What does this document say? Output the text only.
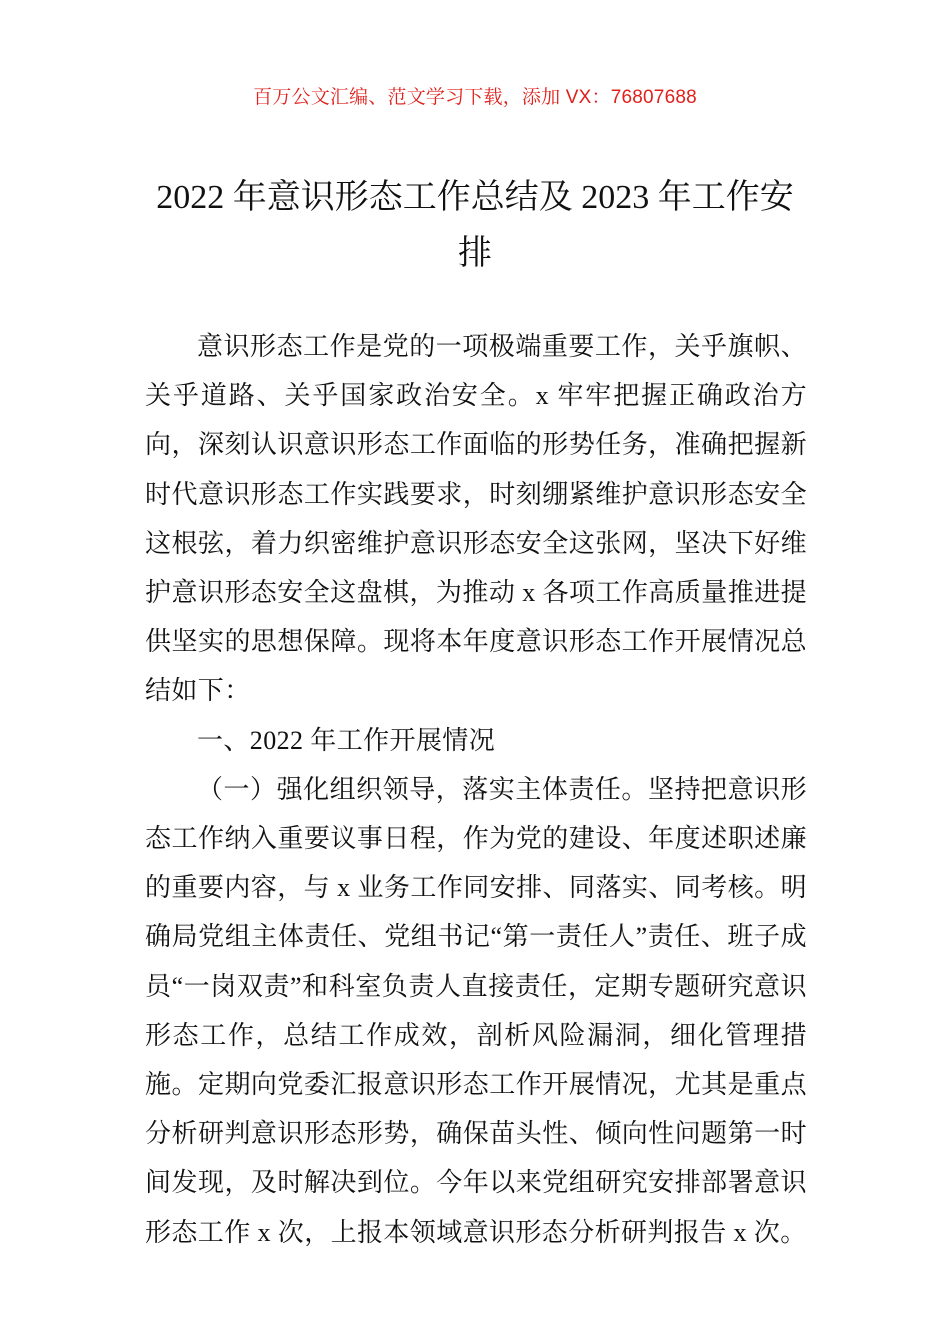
百万公文汇编、范文学习下载，添加 VX：76807688
2022 年意识形态工作总结及 2023 年工作安排

意识形态工作是党的一项极端重要工作，关乎旗帜、关乎道路、关乎国家政治安全。x 牢牢把握正确政治方向，深刻认识意识形态工作面临的形势任务，准确把握新时代意识形态工作实践要求，时刻绷紧维护意识形态安全这根弦，着力织密维护意识形态安全这张网，坚决下好维护意识形态安全这盘棋，为推动 x 各项工作高质量推进提供坚实的思想保障。现将本年度意识形态工作开展情况总结如下：

一、2022 年工作开展情况

（一）强化组织领导，落实主体责任。坚持把意识形态工作纳入重要议事日程，作为党的建设、年度述职述廉的重要内容，与 x 业务工作同安排、同落实、同考核。明确局党组主体责任、党组书记“第一责任人”责任、班子成员“一岗双责”和科室负责人直接责任，定期专题研究意识形态工作，总结工作成效，剖析风险漏洞，细化管理措施。定期向党委汇报意识形态工作开展情况，尤其是重点分析研判意识形态形势，确保苗头性、倾向性问题第一时间发现，及时解决到位。今年以来党组研究安排部署意识形态工作 x 次，上报本领域意识形态分析研判报告 x 次。
